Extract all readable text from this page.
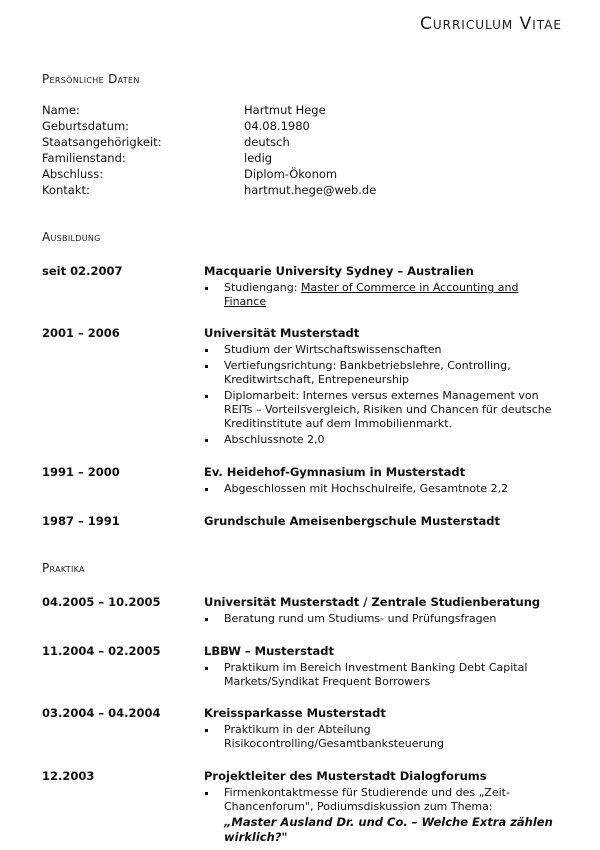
Curriculum Vitae
Persönliche Daten
Name:	Hartmut Hege
Geburtsdatum:	04.08.1980
Staatsangehörigkeit:	deutsch
Familienstand:	ledig
Abschluss:	Diplom-Ökonom
Kontakt:	hartmut.hege@web.de
Ausbildung
seit 02.2007	Macquarie University Sydney – Australien
Studiengang: Master of Commerce in Accounting and Finance
2001 – 2006	Universität Musterstadt
Studium der Wirtschaftswissenschaften
Vertiefungsrichtung: Bankbetriebslehre, Controlling, Kreditwirtschaft, Entrepeneurship
Diplomarbeit: Internes versus externes Management von REITs – Vorteilsvergleich, Risiken und Chancen für deutsche Kreditinstitute auf dem Immobilienmarkt.
Abschlussnote 2,0
1991 – 2000	Ev. Heidehof-Gymnasium in Musterstadt
Abgeschlossen mit Hochschulreife, Gesamtnote 2,2
1987 – 1991	Grundschule Ameisenbergschule Musterstadt
Praktika
04.2005 – 10.2005	Universität Musterstadt / Zentrale Studienberatung
Beratung rund um Studiums- und Prüfungsfragen
11.2004 – 02.2005	LBBW – Musterstadt
Praktikum im Bereich Investment Banking Debt Capital Markets/Syndikat Frequent Borrowers
03.2004 – 04.2004	Kreissparkasse Musterstadt
Praktikum in der Abteilung Risikocontrolling/Gesamtbanksteuerung
12.2003	Projektleiter des Musterstadt Dialogforums
Firmenkontaktmesse für Studierende und des „Zeit-Chancenforum", Podiumsdiskussion zum Thema:
„Master Ausland Dr. und Co. – Welche Extra zählen wirklich?"
